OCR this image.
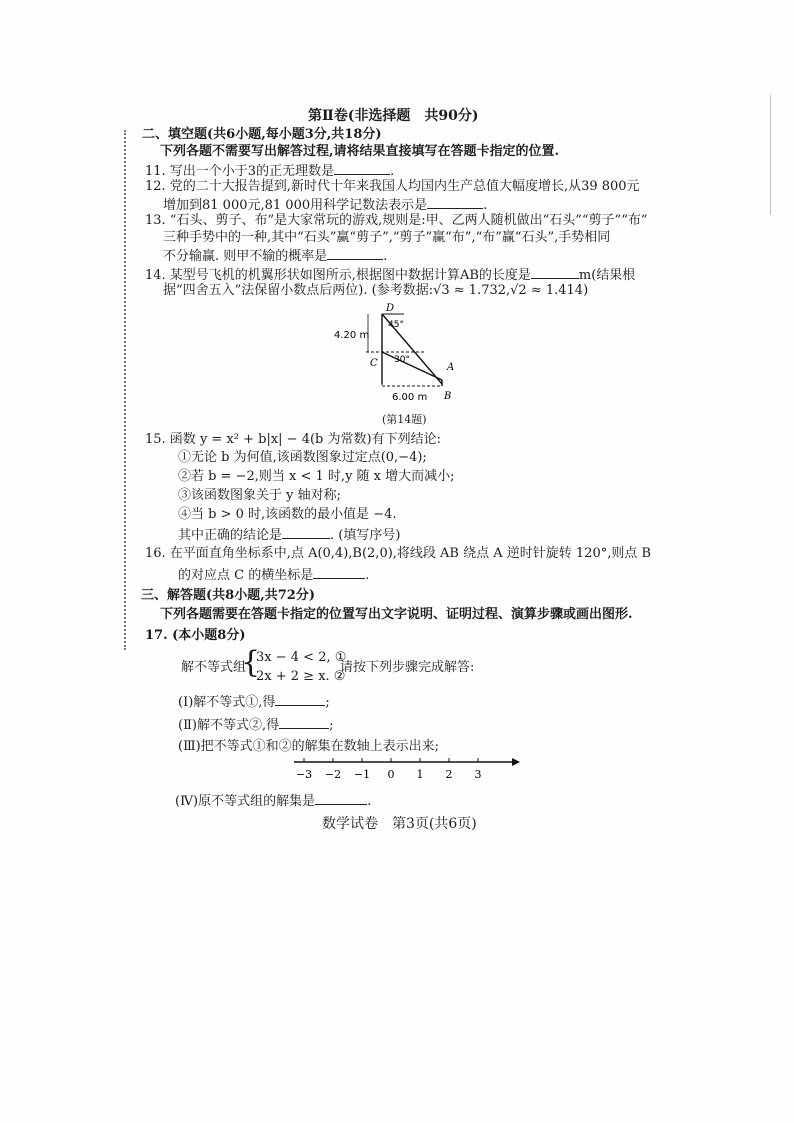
第Ⅱ卷(非选择题　共90分)
二、填空题(共6小题,每小题3分,共18分)
下列各题不需要写出解答过程,请将结果直接填写在答题卡指定的位置.
11. 写出一个小于3的正无理数是	.
12. 党的二十大报告提到,新时代十年来我国人均国内生产总值大幅度增长,从39 800元
增加到81 000元,81 000用科学记数法表示是	.
13. “石头、剪子、布”是大家常玩的游戏,规则是:甲、乙两人随机做出“石头”“剪子”“布”
三种手势中的一种,其中“石头”赢“剪子”,“剪子”赢“布”,“布”赢“石头”,手势相同
不分输赢. 则甲不输的概率是	.
14. 某型号飞机的机翼形状如图所示,根据图中数据计算AB的长度是	m(结果根
据“四舍五入”法保留小数点后两位). (参考数据:√3 ≈ 1.732,√2 ≈ 1.414)
D
C	A
B
45°
30°
4.20 m
6.00 m
(第14题)
15. 函数 y = x² + b|x| − 4(b 为常数)有下列结论:
①无论 b 为何值,该函数图象过定点(0,−4);
②若 b = −2,则当 x < 1 时,y 随 x 增大而减小;
③该函数图象关于 y 轴对称;
④当 b > 0 时,该函数的最小值是 −4.
其中正确的结论是	. (填写序号)
16. 在平面直角坐标系中,点 A(0,4),B(2,0),将线段 AB 绕点 A 逆时针旋转 120°,则点 B
的对应点 C 的横坐标是	.
三、解答题(共8小题,共72分)
下列各题需要在答题卡指定的位置写出文字说明、证明过程、演算步骤或画出图形.
17. (本小题8分)
解不等式组
{
3x − 4 < 2, ①
2x + 2 ≥ x. ②
请按下列步骤完成解答:
(Ⅰ)解不等式①,得	;
(Ⅱ)解不等式②,得	;
(Ⅲ)把不等式①和②的解集在数轴上表示出来;
−3 −2 −1 0 1 2 3
(Ⅳ)原不等式组的解集是	.
数学试卷　第3页(共6页)
